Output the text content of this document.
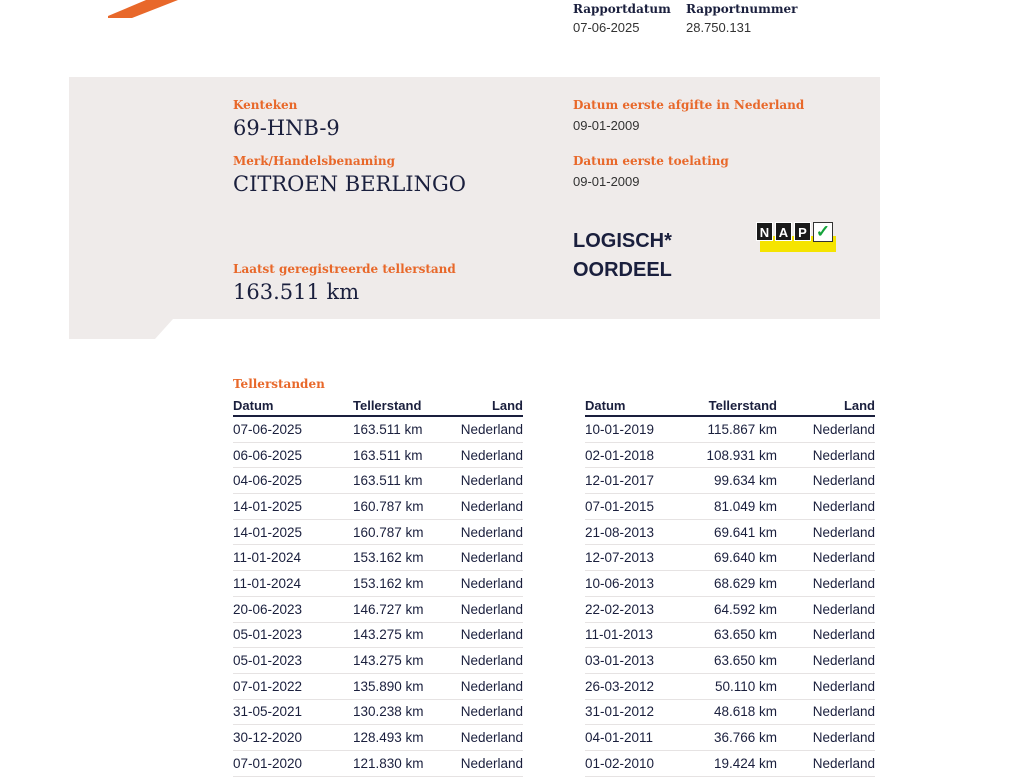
Rapportdatum
07-06-2025
Rapportnummer
28.750.131
Kenteken
69-HNB-9
Merk/Handelsbenaming
CITROEN BERLINGO
Laatst geregistreerde tellerstand
163.511 km
Datum eerste afgifte in Nederland
09-01-2009
Datum eerste toelating
09-01-2009
LOGISCH*
OORDEEL
N A P ✓
Tellerstanden
Datum	Tellerstand	Land
07-06-2025	163.511 km	Nederland
06-06-2025	163.511 km	Nederland
04-06-2025	163.511 km	Nederland
14-01-2025	160.787 km	Nederland
14-01-2025	160.787 km	Nederland
11-01-2024	153.162 km	Nederland
11-01-2024	153.162 km	Nederland
20-06-2023	146.727 km	Nederland
05-01-2023	143.275 km	Nederland
05-01-2023	143.275 km	Nederland
07-01-2022	135.890 km	Nederland
31-05-2021	130.238 km	Nederland
30-12-2020	128.493 km	Nederland
07-01-2020	121.830 km	Nederland
Datum	Tellerstand	Land
10-01-2019	115.867 km	Nederland
02-01-2018	108.931 km	Nederland
12-01-2017	99.634 km	Nederland
07-01-2015	81.049 km	Nederland
21-08-2013	69.641 km	Nederland
12-07-2013	69.640 km	Nederland
10-06-2013	68.629 km	Nederland
22-02-2013	64.592 km	Nederland
11-01-2013	63.650 km	Nederland
03-01-2013	63.650 km	Nederland
26-03-2012	50.110 km	Nederland
31-01-2012	48.618 km	Nederland
04-01-2011	36.766 km	Nederland
01-02-2010	19.424 km	Nederland
